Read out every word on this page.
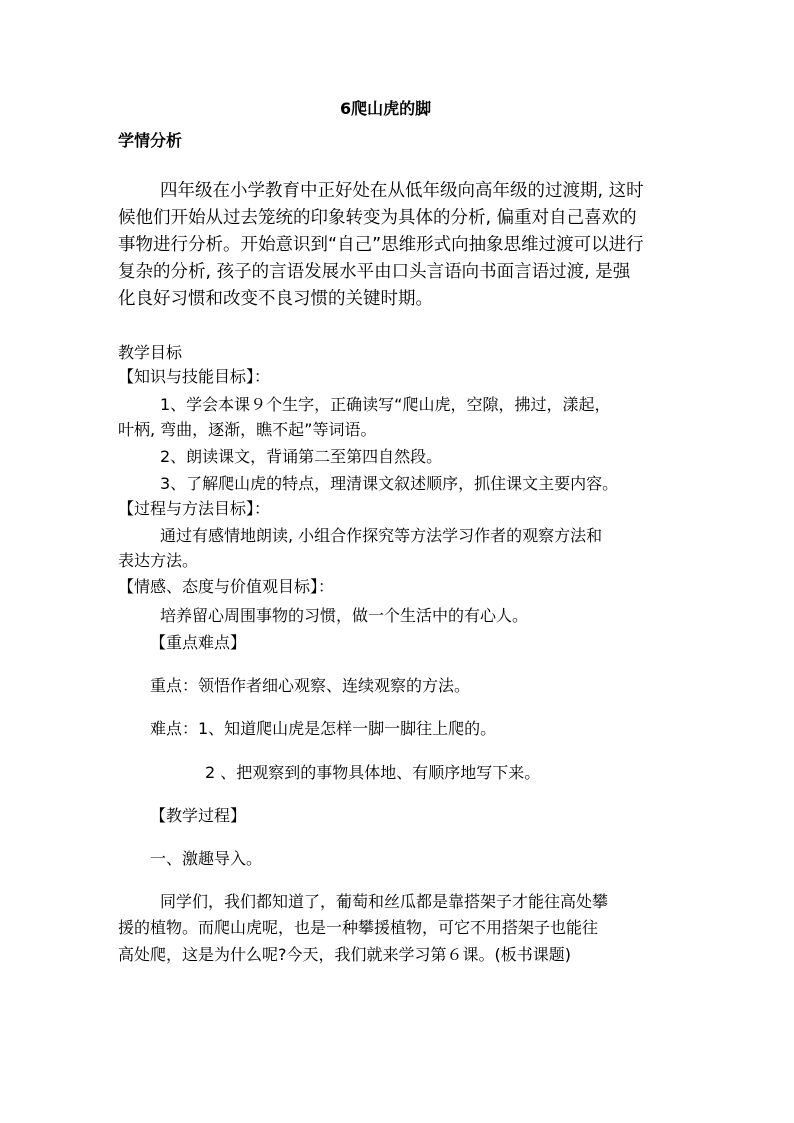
6爬山虎的脚
学情分析
四年级在小学教育中正好处在从低年级向高年级的过渡期, 这时
候他们开始从过去笼统的印象转变为具体的分析, 偏重对自己喜欢的
事物进行分析。开始意识到“自己”思维形式向抽象思维过渡可以进行
复杂的分析, 孩子的言语发展水平由口头言语向书面言语过渡, 是强
化良好习惯和改变不良习惯的关键时期。
教学目标
【知识与技能目标】：
1、学会本课９个生字，正确读写“爬山虎，空隙，拂过，漾起，
叶柄, 弯曲，逐渐，瞧不起”等词语。
2、朗读课文，背诵第二至第四自然段。
3、了解爬山虎的特点，理清课文叙述顺序，抓住课文主要内容。
【过程与方法目标】：
通过有感情地朗读, 小组合作探究等方法学习作者的观察方法和
表达方法。
【情感、态度与价值观目标】：
培养留心周围事物的习惯，做一个生活中的有心人。
【重点难点】
重点：领悟作者细心观察、连续观察的方法。
难点：1、知道爬山虎是怎样一脚一脚往上爬的。
2 、把观察到的事物具体地、有顺序地写下来。
【教学过程】
一、激趣导入。
同学们，我们都知道了，葡萄和丝瓜都是靠搭架子才能往高处攀
援的植物。而爬山虎呢，也是一种攀援植物，可它不用搭架子也能往
高处爬，这是为什么呢?今天，我们就来学习第６课。(板书课题)
